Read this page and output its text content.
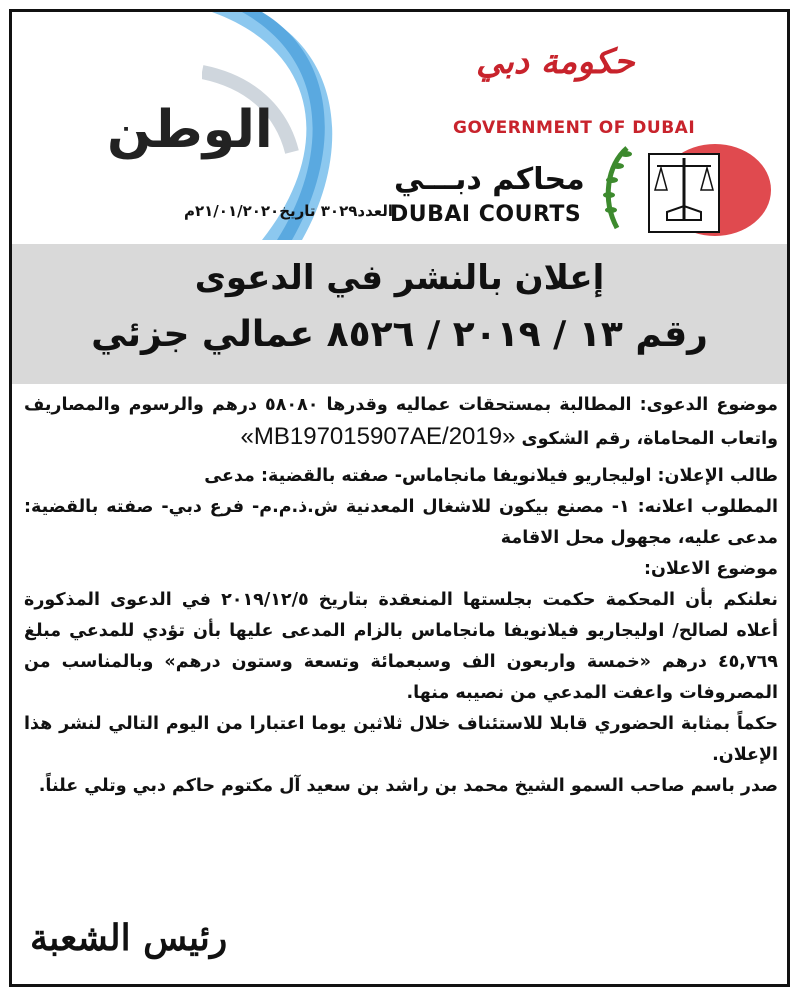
الوطن
العدد٣٠٢٩ تاريخ٢١/٠١/٢٠٢٠م
حكومة دبي
GOVERNMENT OF DUBAI
محاكم دبـــي
DUBAI COURTS
إعلان بالنشر في الدعوى
رقم ١٣ / ٢٠١٩ / ٨٥٢٦ عمالي جزئي

موضوع الدعوى: المطالبة بمستحقات عماليه وقدرها ٥٨٠٨٠ درهم والرسوم والمصاريف واتعاب المحاماة، رقم الشكوى «MB197015907AE/2019»

طالب الإعلان: اوليجاريو فيلانويفا مانجاماس- صفته بالقضية: مدعى

المطلوب اعلانه: ١- مصنع بيكون للاشغال المعدنية ش.ذ.م.م- فرع دبي- صفته بالقضية: مدعى عليه، مجهول محل الاقامة

موضوع الاعلان:

نعلنكم بأن المحكمة حكمت بجلستها المنعقدة بتاريخ ٢٠١٩/١٢/٥ في الدعوى المذكورة أعلاه لصالح/ اوليجاريو فيلانويفا مانجاماس بالزام المدعى عليها بأن تؤدي للمدعي مبلغ ٤٥,٧٦٩ درهم «خمسة واربعون الف وسبعمائة وتسعة وستون درهم» وبالمناسب من المصروفات واعفت المدعي من نصيبه منها.

حكماً بمثابة الحضوري قابلا للاستئناف خلال ثلاثين يوما اعتبارا من اليوم التالي لنشر هذا الإعلان.

صدر باسم صاحب السمو الشيخ محمد بن راشد بن سعيد آل مكتوم حاكم دبي وتلي علناً.

رئيس الشعبة
